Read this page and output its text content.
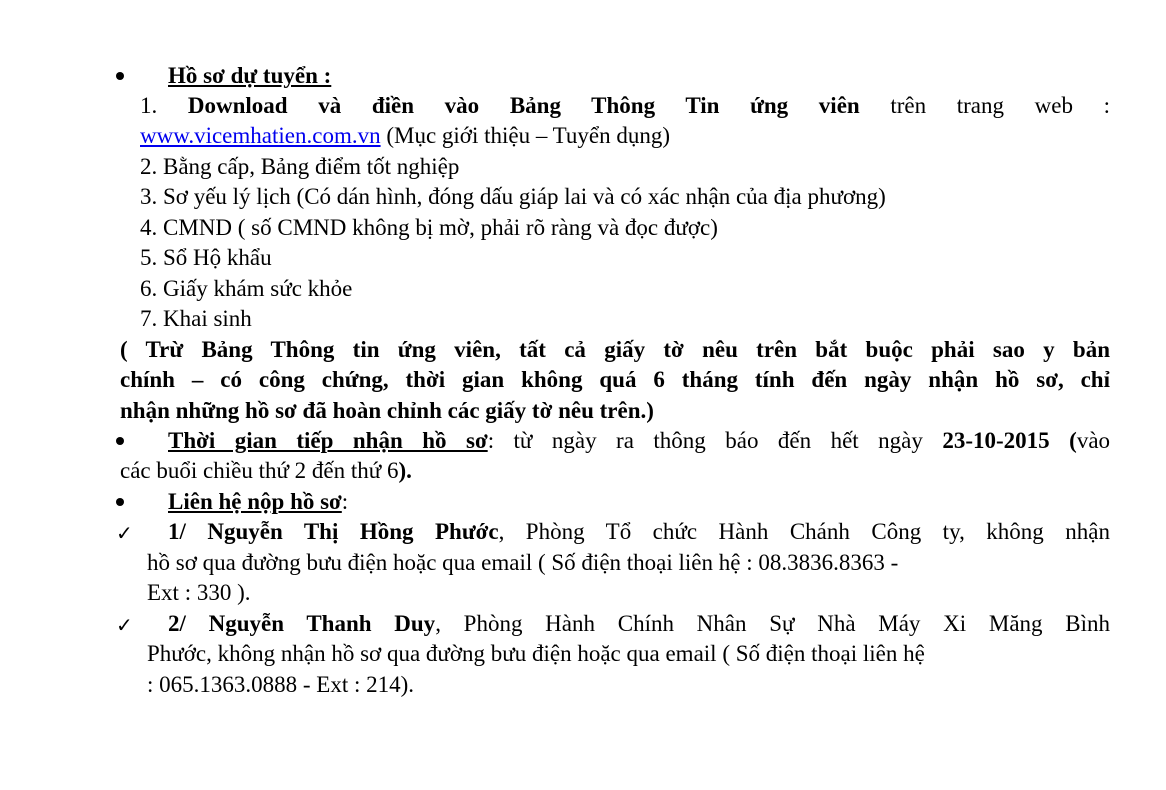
Hồ sơ dự tuyển :
1. Download và điền vào Bảng Thông Tin ứng viên trên trang web :
www.vicemhatien.com.vn (Mục giới thiệu – Tuyển dụng)
2. Bằng cấp, Bảng điểm tốt nghiệp
3. Sơ yếu lý lịch (Có dán hình, đóng dấu giáp lai và có xác nhận của địa phương)
4. CMND ( số CMND không bị mờ, phải rõ ràng và đọc được)
5. Sổ Hộ khẩu
6. Giấy khám sức khỏe
7. Khai sinh
( Trừ Bảng Thông tin ứng viên, tất cả giấy tờ nêu trên bắt buộc phải sao y bản
chính – có công chứng, thời gian không quá 6 tháng tính đến ngày nhận hồ sơ, chỉ
nhận những hồ sơ đã hoàn chỉnh các giấy tờ nêu trên.)
Thời gian tiếp nhận hồ sơ: từ ngày ra thông báo đến hết ngày 23-10-2015 (vào
các buổi chiều thứ 2 đến thứ 6).
Liên hệ nộp hồ sơ:
✓ 1/ Nguyễn Thị Hồng Phước, Phòng Tổ chức Hành Chánh Công ty, không nhận
hồ sơ qua đường bưu điện hoặc qua email ( Số điện thoại liên hệ : 08.3836.8363 -
Ext : 330 ).
✓ 2/ Nguyễn Thanh Duy, Phòng Hành Chính Nhân Sự Nhà Máy Xi Măng Bình
Phước, không nhận hồ sơ qua đường bưu điện hoặc qua email ( Số điện thoại liên hệ
: 065.1363.0888 - Ext : 214).
